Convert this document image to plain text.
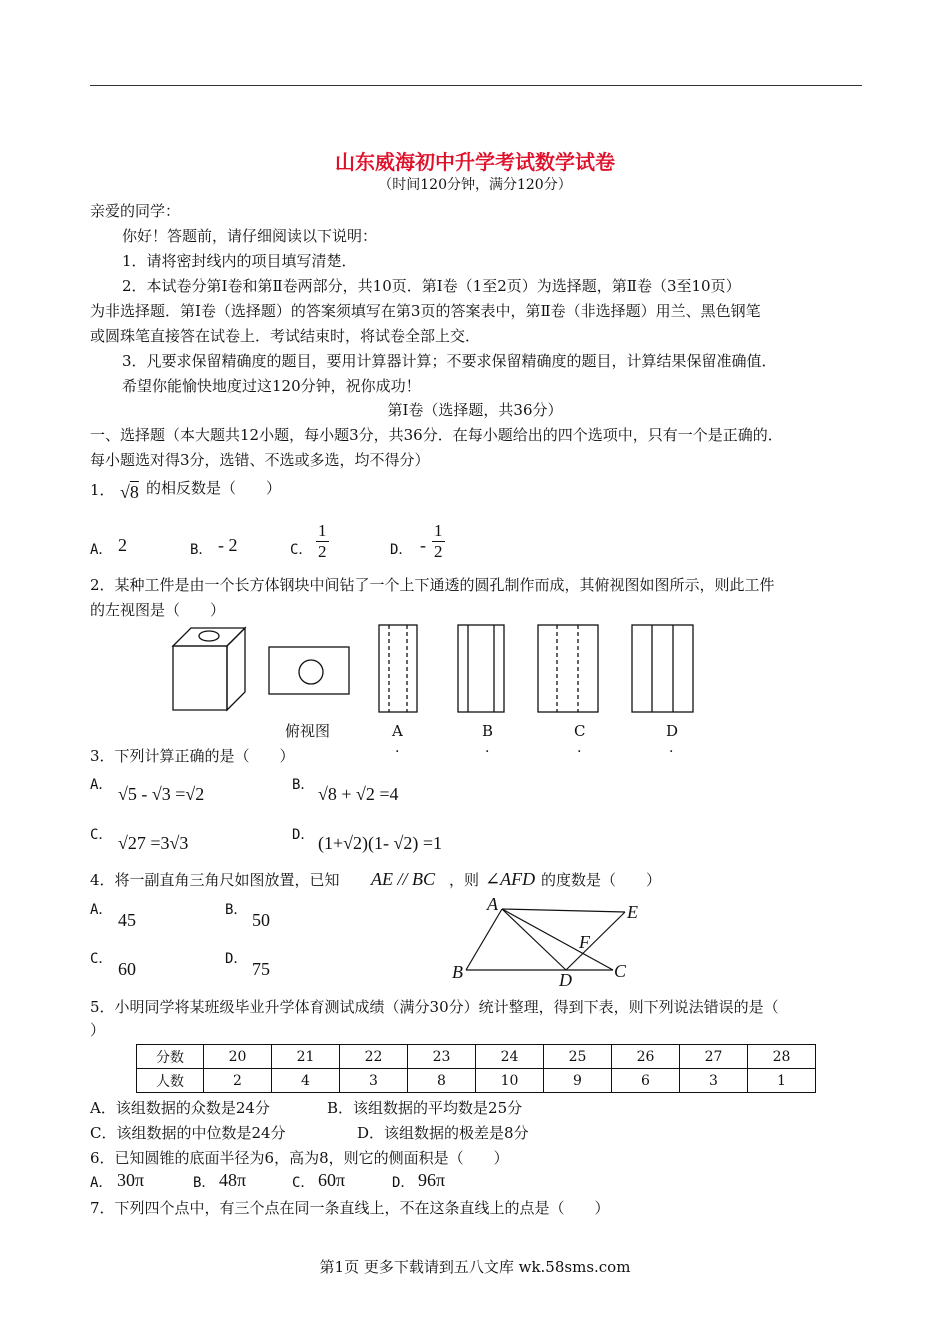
山东威海初中升学考试数学试卷
（时间120分钟，满分120分）
亲爱的同学：
你好！答题前，请仔细阅读以下说明：
1．请将密封线内的项目填写清楚．
2．本试卷分第Ⅰ卷和第Ⅱ卷两部分，共10页．第Ⅰ卷（1至2页）为选择题，第Ⅱ卷（3至10页）
为非选择题．第Ⅰ卷（选择题）的答案须填写在第3页的答案表中，第Ⅱ卷（非选择题）用兰、黑色钢笔
或圆珠笔直接答在试卷上．考试结束时，将试卷全部上交．
3．凡要求保留精确度的题目，要用计算器计算；不要求保留精确度的题目，计算结果保留准确值．
希望你能愉快地度过这120分钟，祝你成功！
第Ⅰ卷（选择题，共36分）
一、选择题（本大题共12小题，每小题3分，共36分．在每小题给出的四个选项中，只有一个是正确的．
每小题选对得3分，选错、不选或多选，均不得分）
1． √8 的相反数是（　　）
A． 2	B． - 2	C． $\frac{1}{2}$	D． - $\frac{1}{2}$
2．某种工件是由一个长方体钢块中间钻了一个上下通透的圆孔制作而成，其俯视图如图所示，则此工件
的左视图是（　　）
俯视图	A	B	C	D
.	.	.	.
3．下列计算正确的是（　　）
A． √5 - √3 =√2	B． √8 + √2 =4
C． √27 =3√3	D． (1+√2)(1- √2) =1
4．将一副直角三角尺如图放置，已知 AE // BC ，则 ∠AFD 的度数是（　　）
A． 45	B． 50
C． 60	D． 75
A	E
F
B	D C
5．小明同学将某班级毕业升学体育测试成绩（满分30分）统计整理，得到下表，则下列说法错误的是（
）
分数	20	21	22	23	24	25	26	27	28
人数	2	4	3	8	10	9	6	3	1
A．该组数据的众数是24分	B．该组数据的平均数是25分
C．该组数据的中位数是24分	D．该组数据的极差是8分
6．已知圆锥的底面半径为6，高为8，则它的侧面积是（　　）
A． 30π	B． 48π	C． 60π	D． 96π
7．下列四个点中，有三个点在同一条直线上，不在这条直线上的点是（　　）
第1页 更多下载请到五八文库 wk.58sms.com
